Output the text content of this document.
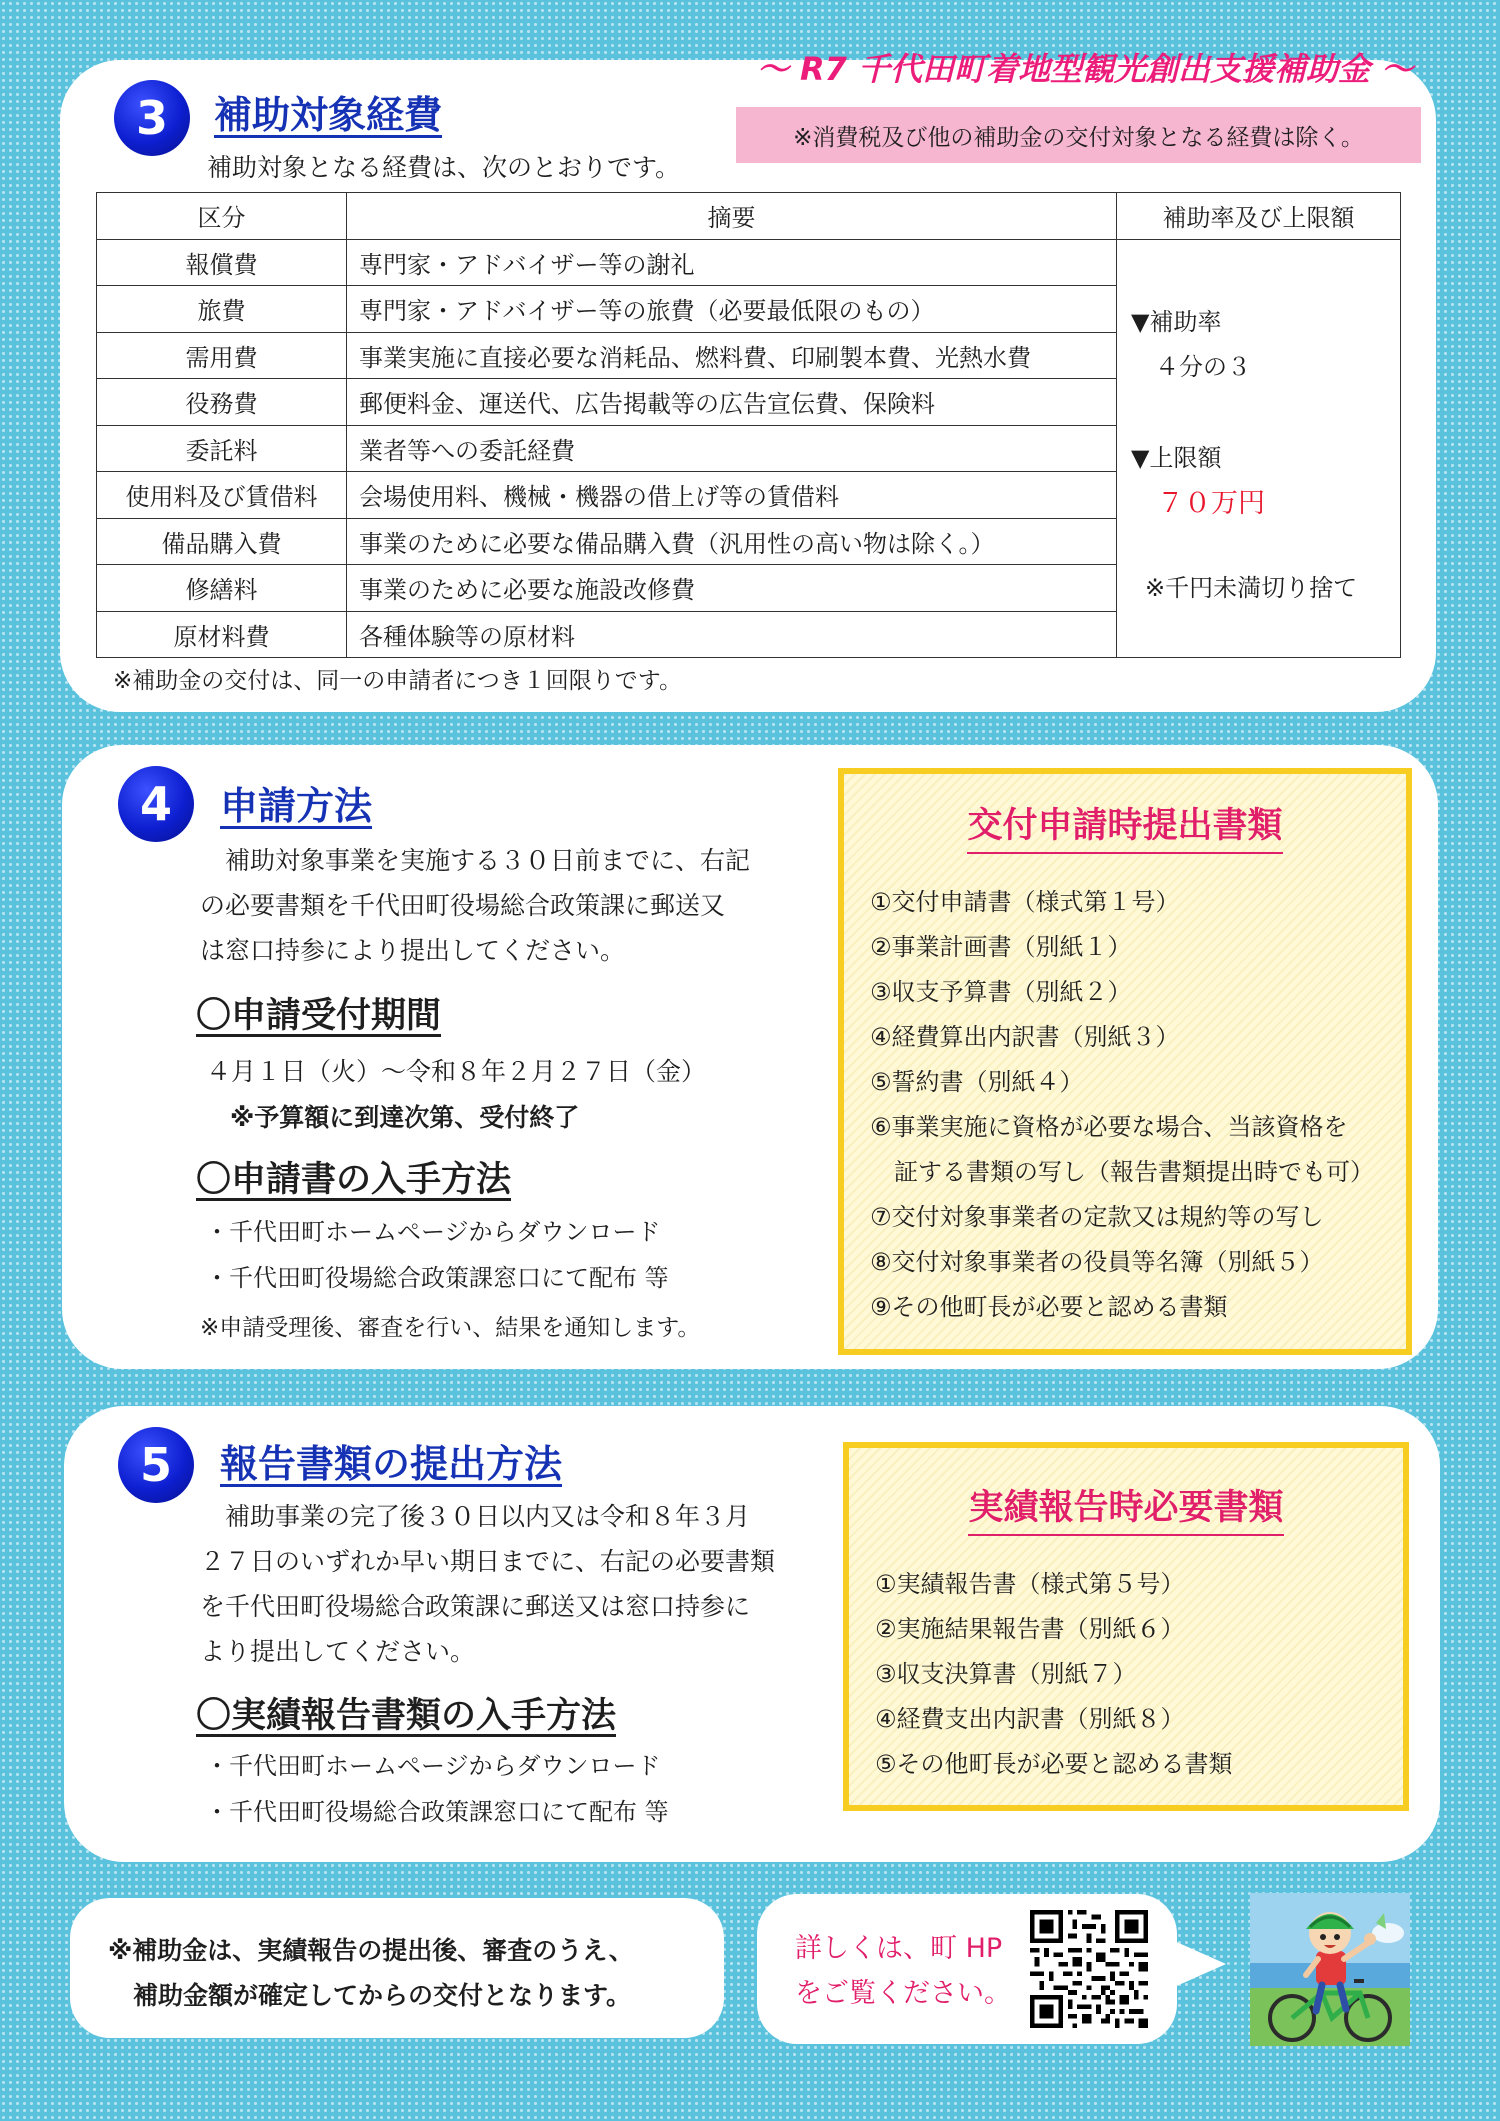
3	補助対象経費
～ R7 千代田町着地型観光創出支援補助金 ～
※消費税及び他の補助金の交付対象となる経費は除く。
補助対象となる経費は、次のとおりです。
区分	摘要	補助率及び上限額
報償費	専門家・アドバイザー等の謝礼	▼補助率
４分の３
▼上限額
７０万円
※千円未満切り捨て

旅費	専門家・アドバイザー等の旅費（必要最低限のもの）	
需用費	事業実施に直接必要な消耗品、燃料費、印刷製本費、光熱水費	
役務費	郵便料金、運送代、広告掲載等の広告宣伝費、保険料	
委託料	業者等への委託経費	
使用料及び賃借料	会場使用料、機械・機器の借上げ等の賃借料	
備品購入費	事業のために必要な備品購入費（汎用性の高い物は除く。）	
修繕料	事業のために必要な施設改修費	
原材料費	各種体験等の原材料	
※補助金の交付は、同一の申請者につき１回限りです。
4	申請方法
　補助対象事業を実施する３０日前までに、右記
の必要書類を千代田町役場総合政策課に郵送又
は窓口持参により提出してください。
〇申請受付期間
４月１日（火）～令和８年２月２７日（金）
※予算額に到達次第、受付終了
〇申請書の入手方法
・千代田町ホームページからダウンロード
・千代田町役場総合政策課窓口にて配布 等
※申請受理後、審査を行い、結果を通知します。
交付申請時提出書類
①交付申請書（様式第１号）
②事業計画書（別紙１）
③収支予算書（別紙２）
④経費算出内訳書（別紙３）
⑤誓約書（別紙４）
⑥事業実施に資格が必要な場合、当該資格を
　証する書類の写し（報告書類提出時でも可）
⑦交付対象事業者の定款又は規約等の写し
⑧交付対象事業者の役員等名簿（別紙５）
⑨その他町長が必要と認める書類
5	報告書類の提出方法
　補助事業の完了後３０日以内又は令和８年３月
２７日のいずれか早い期日までに、右記の必要書類
を千代田町役場総合政策課に郵送又は窓口持参に
より提出してください。
〇実績報告書類の入手方法
・千代田町ホームページからダウンロード
・千代田町役場総合政策課窓口にて配布 等
実績報告時必要書類
①実績報告書（様式第５号）
②実施結果報告書（別紙６）
③収支決算書（別紙７）
④経費支出内訳書（別紙８）
⑤その他町長が必要と認める書類
※補助金は、実績報告の提出後、審査のうえ、
補助金額が確定してからの交付となります。
詳しくは、町 HP
をご覧ください。
